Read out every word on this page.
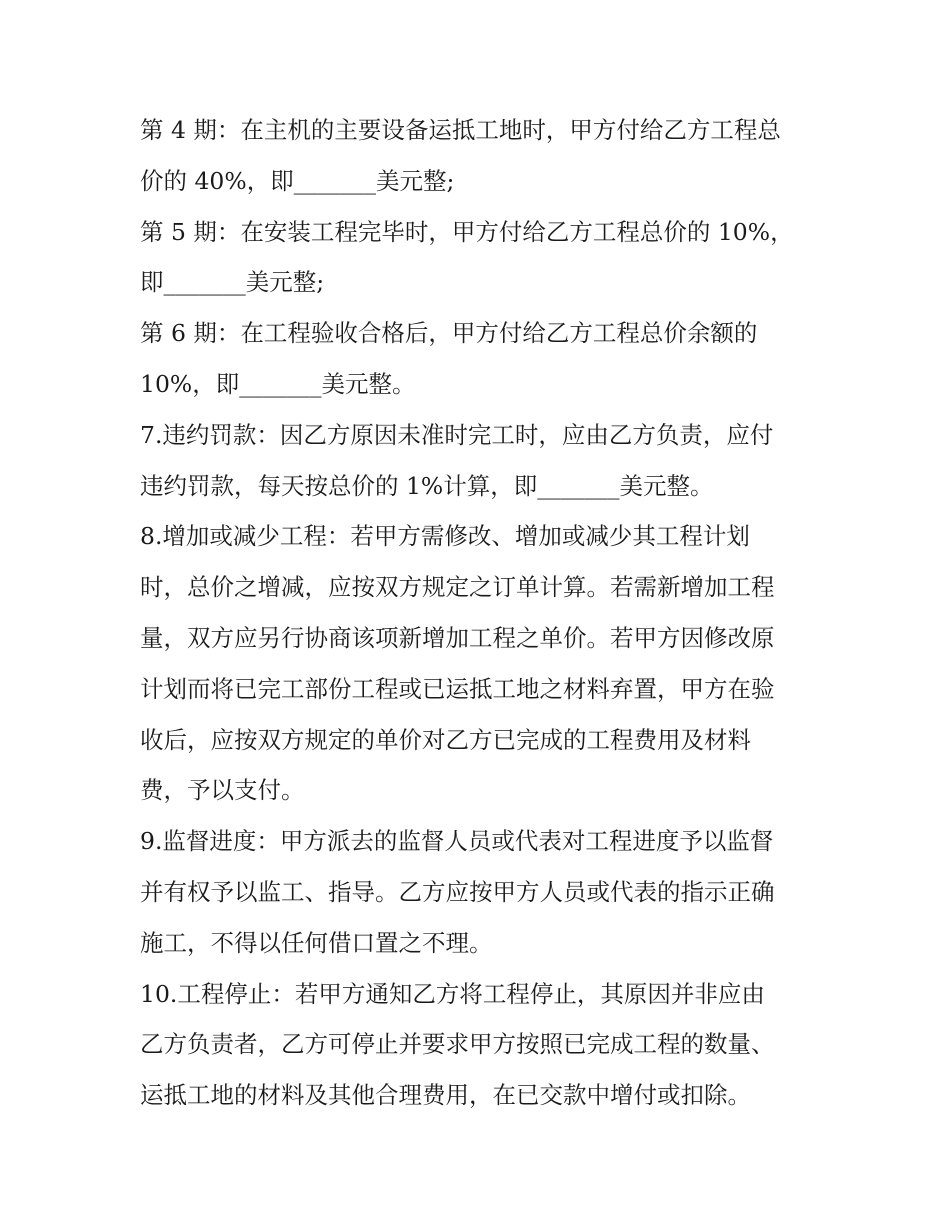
第 4 期：在主机的主要设备运抵工地时，甲方付给乙方工程总
价的 40%，即_______美元整;

第 5 期：在安装工程完毕时，甲方付给乙方工程总价的 10%，
即_______美元整;

第 6 期：在工程验收合格后，甲方付给乙方工程总价余额的
10%，即_______美元整。

7.违约罚款：因乙方原因未准时完工时，应由乙方负责，应付
违约罚款，每天按总价的 1%计算，即_______美元整。

8.增加或减少工程：若甲方需修改、增加或减少其工程计划
时，总价之增减，应按双方规定之订单计算。若需新增加工程
量，双方应另行协商该项新增加工程之单价。若甲方因修改原
计划而将已完工部份工程或已运抵工地之材料弃置，甲方在验
收后，应按双方规定的单价对乙方已完成的工程费用及材料
费，予以支付。

9.监督进度：甲方派去的监督人员或代表对工程进度予以监督
并有权予以监工、指导。乙方应按甲方人员或代表的指示正确
施工，不得以任何借口置之不理。

10.工程停止：若甲方通知乙方将工程停止，其原因并非应由
乙方负责者，乙方可停止并要求甲方按照已完成工程的数量、
运抵工地的材料及其他合理费用，在已交款中增付或扣除。
